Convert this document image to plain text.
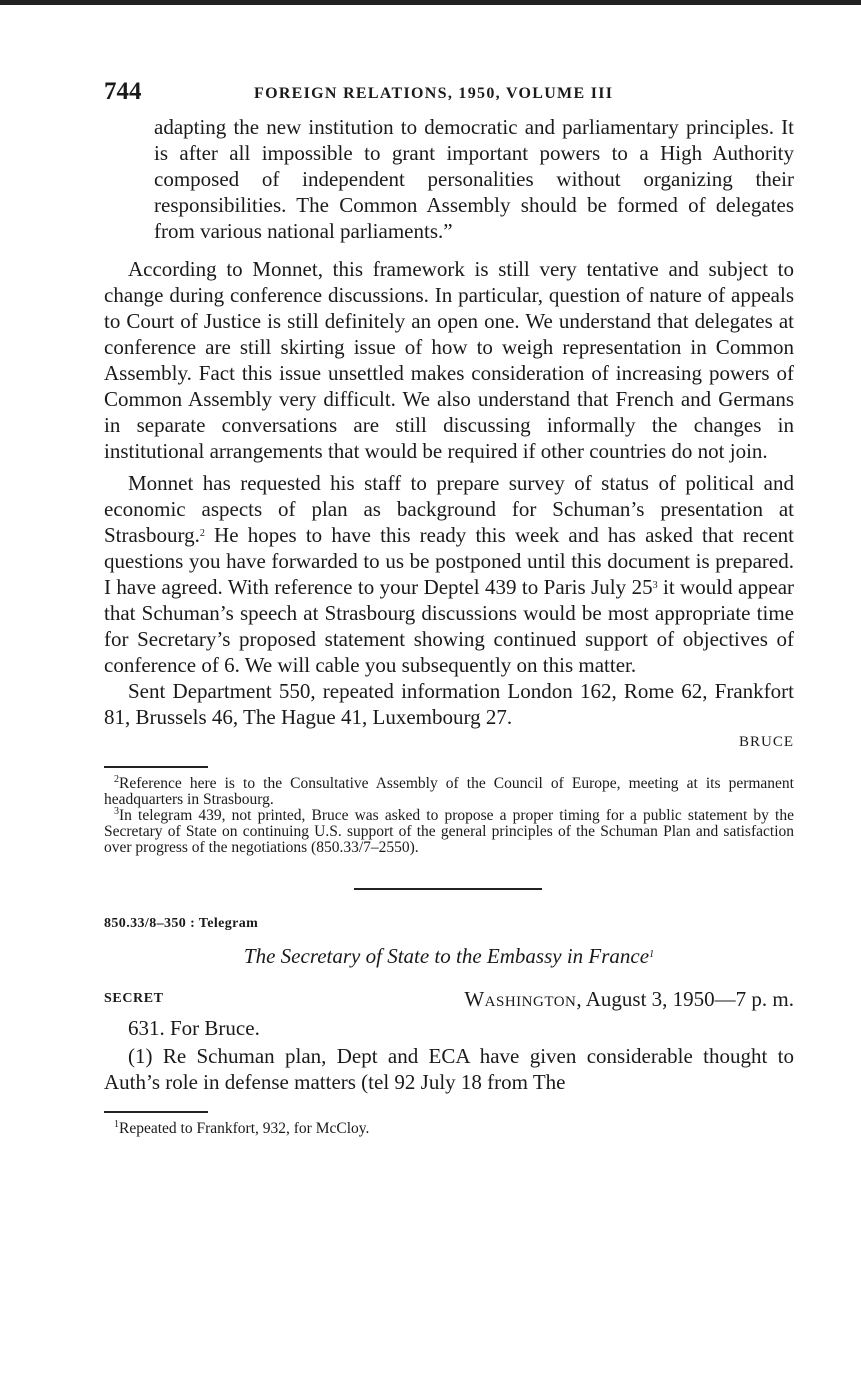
744	FOREIGN RELATIONS, 1950, VOLUME III

adapting the new institution to democratic and parliamentary principles. It is after all impossible to grant important powers to a High Authority composed of independent personalities without organizing their responsibilities. The Common Assembly should be formed of delegates from various national parliaments.”

According to Monnet, this framework is still very tentative and subject to change during conference discussions. In particular, question of nature of appeals to Court of Justice is still definitely an open one. We understand that delegates at conference are still skirting issue of how to weigh representation in Common Assembly. Fact this issue unsettled makes consideration of increasing powers of Common Assembly very difficult. We also understand that French and Germans in separate conversations are still discussing informally the changes in institutional arrangements that would be required if other countries do not join.

Monnet has requested his staff to prepare survey of status of political and economic aspects of plan as background for Schuman’s presentation at Strasbourg.$^2$ He hopes to have this ready this week and has asked that recent questions you have forwarded to us be postponed until this document is prepared. I have agreed. With reference to your Deptel 439 to Paris July $25^3$ it would appear that Schuman’s speech at Strasbourg discussions would be most appropriate time for Secretary’s proposed statement showing continued support of objectives of conference of 6. We will cable you subsequently on this matter.

Sent Department 550, repeated information London 162, Rome 62, Frankfort 81, Brussels 46, The Hague 41, Luxembourg 27.

BRUCE

$^2$Reference here is to the Consultative Assembly of the Council of Europe, meeting at its permanent headquarters in Strasbourg.

$^3$In telegram 439, not printed, Bruce was asked to propose a proper timing for a public statement by the Secretary of State on continuing U.S. support of the general principles of the Schuman Plan and satisfaction over progress of the negotiations (850.33/7–2550).

850.33/8–350 : Telegram
The Secretary of State to the Embassy in France$^1$
SECRET	Washington, August 3, 1950—7 p. m.

631. For Bruce.

(1) Re Schuman plan, Dept and ECA have given considerable thought to Auth’s role in defense matters (tel 92 July 18 from The

$^1$Repeated to Frankfort, 932, for McCloy.
